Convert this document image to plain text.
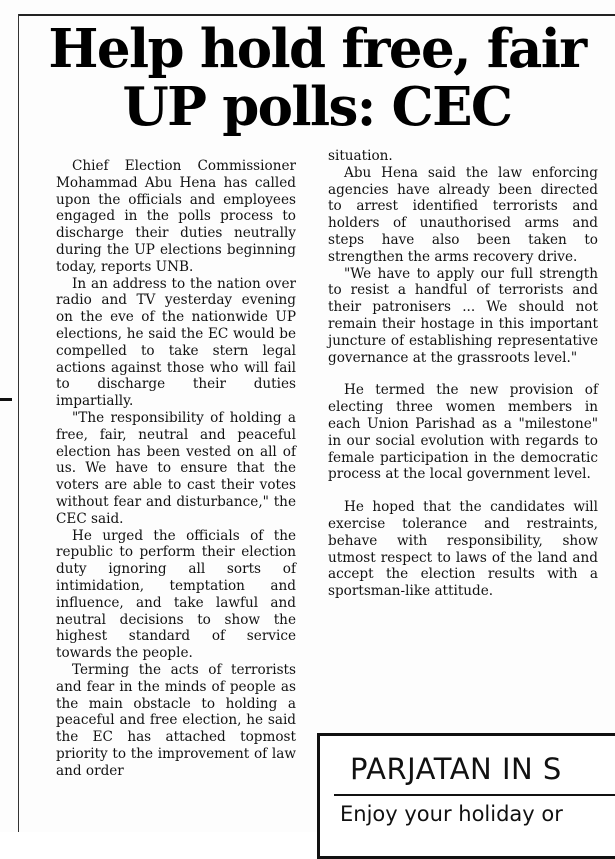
Help hold free, fair UP polls: CEC

Chief Election Commissioner Mohammad Abu Hena has called upon the officials and employees engaged in the polls process to discharge their duties neutrally during the UP elections beginning today, reports UNB.

In an address to the nation over radio and TV yesterday evening on the eve of the nationwide UP elections, he said the EC would be compelled to take stern legal actions against those who will fail to discharge their duties impartially.

"The responsibility of holding a free, fair, neutral and peaceful election has been vested on all of us. We have to ensure that the voters are able to cast their votes without fear and disturbance," the CEC said.

He urged the officials of the republic to perform their election duty ignoring all sorts of intimidation, temptation and influence, and take lawful and neutral decisions to show the highest standard of service towards the people.

Terming the acts of terrorists and fear in the minds of people as the main obstacle to holding a peaceful and free election, he said the EC has attached topmost priority to the improvement of law and order

situation.

Abu Hena said the law enforcing agencies have already been directed to arrest identified terrorists and holders of unauthorised arms and steps have also been taken to strengthen the arms recovery drive.

"We have to apply our full strength to resist a handful of terrorists and their patronisers ... We should not remain their hostage in this important juncture of establishing representative governance at the grassroots level."

He termed the new provision of electing three women members in each Union Parishad as a "milestone" in our social evolution with regards to female participation in the democratic process at the local government level.

He hoped that the candidates will exercise tolerance and restraints, behave with responsibility, show utmost respect to laws of the land and accept the election results with a sportsman-like attitude.

PARJATAN IN S
Enjoy your holiday or
